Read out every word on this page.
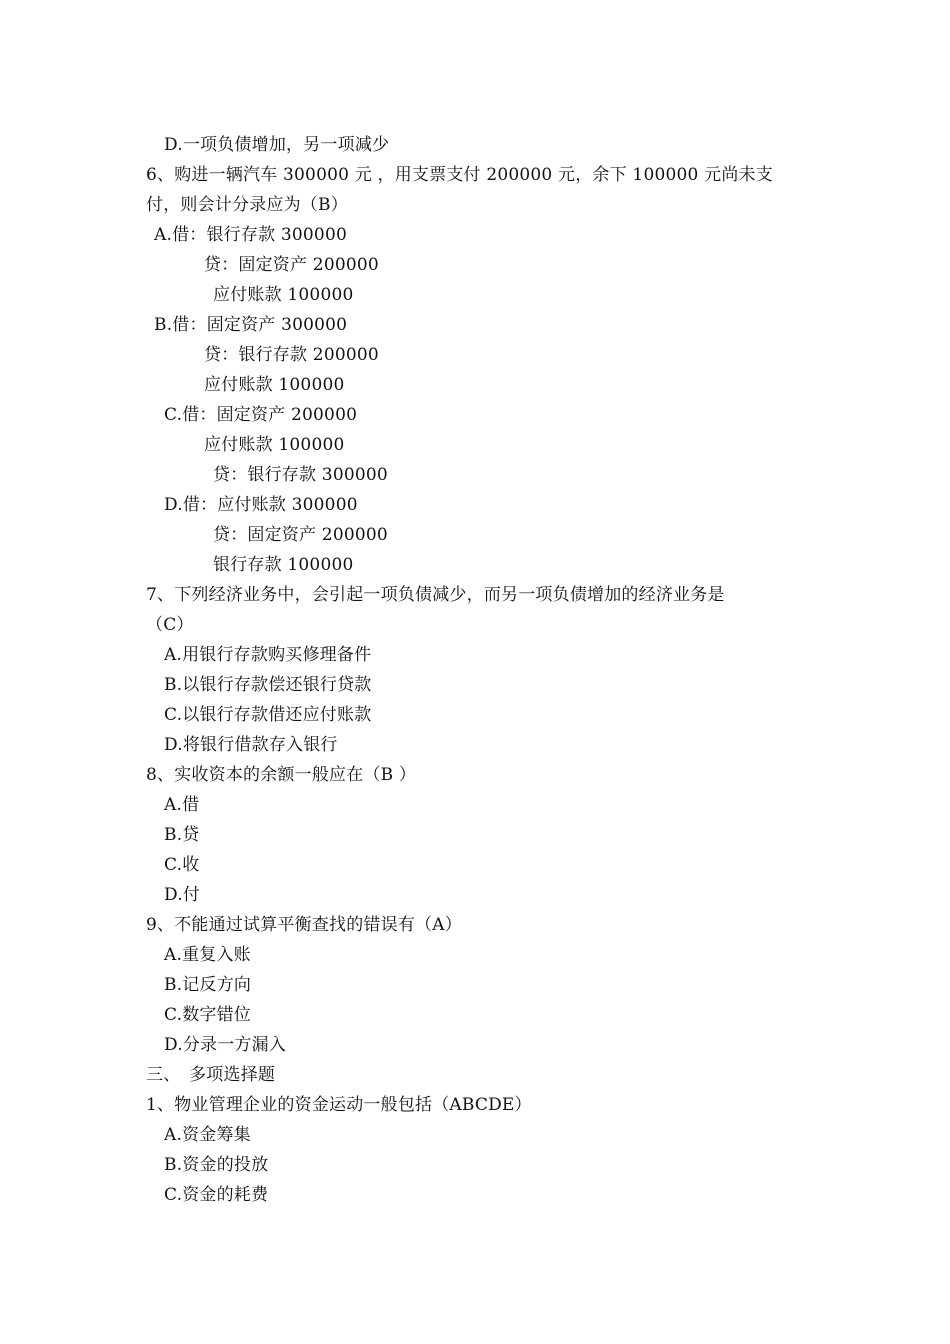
D.一项负债增加，另一项减少
6、购进一辆汽车 300000 元 ，用支票支付 200000 元，余下 100000 元尚未支
付，则会计分录应为（B）
A.借：银行存款 300000
贷：固定资产 200000
应付账款 100000
B.借：固定资产 300000
贷：银行存款 200000
应付账款 100000
C.借：固定资产 200000
应付账款 100000
贷：银行存款 300000
D.借：应付账款 300000
贷：固定资产 200000
银行存款 100000
7、下列经济业务中，会引起一项负债减少，而另一项负债增加的经济业务是
（C）
A.用银行存款购买修理备件
B.以银行存款偿还银行贷款
C.以银行存款借还应付账款
D.将银行借款存入银行
8、实收资本的余额一般应在（B ）
A.借
B.贷
C.收
D.付
9、不能通过试算平衡查找的错误有（A）
A.重复入账
B.记反方向
C.数字错位
D.分录一方漏入
三、　多项选择题
1、物业管理企业的资金运动一般包括（ABCDE）
A.资金筹集
B.资金的投放
C.资金的耗费
